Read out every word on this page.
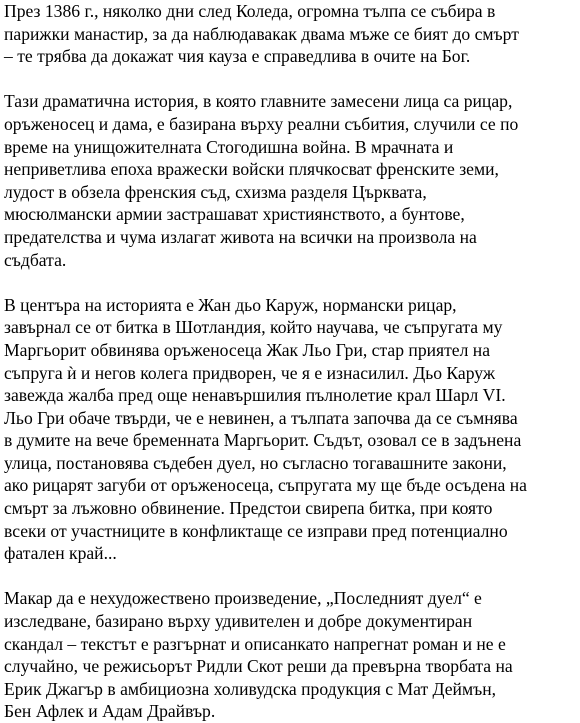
През 1386 г., няколко дни след Коледа, огромна тълпа се събира в
парижки манастир, за да наблюдавакак двама мъже се бият до смърт
– те трябва да докажат чия кауза е справедлива в очите на Бог.

Тази драматична история, в която главните замесени лица са рицар,
оръженосец и дама, е базирана върху реални събития, случили се по
време на унищожителната Стогодишна война. В мрачната и
неприветлива епоха вражески войски плячкосват френските земи,
лудост в обзела френския съд, схизма разделя Църквата,
мюсюлмански армии застрашават християнството, а бунтове,
предателства и чума излагат живота на всички на произвола на
съдбата.

В центъра на историята е Жан дьо Каруж, нормански рицар,
завърнал се от битка в Шотландия, който научава, че съпругата му
Маргьорит обвинява оръженосеца Жак Льо Гри, стар приятел на
съпруга ѝ и негов колега придворен, че я е изнасилил. Дьо Каруж
завежда жалба пред още ненавършилия пълнолетие крал Шарл VI.
Льо Гри обаче твърди, че е невинен, а тълпата започва да се съмнява
в думите на вече бременната Маргьорит. Съдът, озовал се в задънена
улица, постановява съдебен дуел, но съгласно тогавашните закони,
ако рицарят загуби от оръженосеца, съпругата му ще бъде осъдена на
смърт за лъжовно обвинение. Предстои свирепа битка, при която
всеки от участниците в конфликтаще се изправи пред потенциално
фатален край...

Макар да е нехудожествено произведение, „Последният дуел“ е
изследване, базирано върху удивителен и добре документиран
скандал – текстът е разгърнат и описанкато напрегнат роман и не е
случайно, че режисьорът Ридли Скот реши да превърна творбата на
Ерик Джагър в амбициозна холивудска продукция с Мат Деймън,
Бен Афлек и Адам Драйвър.
